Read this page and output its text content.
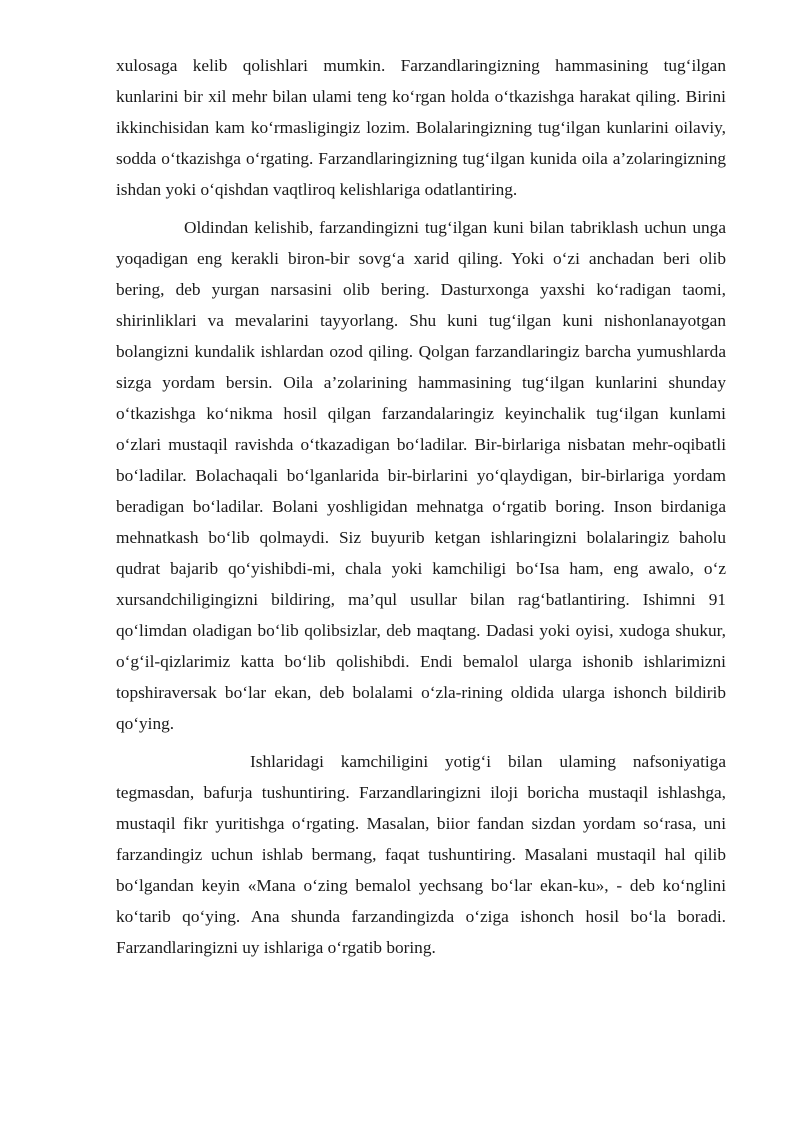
xulosaga kelib qolishlari mumkin. Farzandlaringizning hammasining tug‘ilgan kunlarini bir xil mehr bilan ulami teng ko‘rgan holda o‘tkazishga harakat qiling. Birini ikkinchisidan kam ko‘rmasligingiz lozim. Bolalaringizning tug‘ilgan kunlarini oilaviy, sodda o‘tkazishga o‘rgating. Farzandlaringizning tug‘ilgan kunida oila a’zolaringizning ishdan yoki o‘qishdan vaqtliroq kelishlariga odatlantiring.

Oldindan kelishib, farzandingizni tug‘ilgan kuni bilan tabriklash uchun unga yoqadigan eng kerakli biron-bir sovg‘a xarid qiling. Yoki o‘zi anchadan beri olib bering, deb yurgan narsasini olib bering. Dasturxonga yaxshi ko‘radigan taomi, shirinliklari va mevalarini tayyorlang. Shu kuni tug‘ilgan kuni nishonlanayotgan bolangizni kundalik ishlardan ozod qiling. Qolgan farzandlaringiz barcha yumushlarda sizga yordam bersin. Oila a’zolarining hammasining tug‘ilgan kunlarini shunday o‘tkazishga ko‘nikma hosil qilgan farzandalaringiz keyinchalik tug‘ilgan kunlami o‘zlari mustaqil ravishda o‘tkazadigan bo‘ladilar. Bir-birlariga nisbatan mehr-oqibatli bo‘ladilar. Bolachaqali bo‘lganlarida bir-birlarini yo‘qlaydigan, bir-birlariga yordam beradigan bo‘ladilar. Bolani yoshligidan mehnatga o‘rgatib boring. Inson birdaniga mehnatkash bo‘lib qolmaydi. Siz buyurib ketgan ishlaringizni bolalaringiz baholu qudrat bajarib qo‘yishibdi-mi, chala yoki kamchiligi bo‘Isa ham, eng awalo, o‘z xursandchiligingizni bildiring, ma’qul usullar bilan rag‘batlantiring. Ishimni 91 qo‘limdan oladigan bo‘lib qolibsizlar, deb maqtang. Dadasi yoki oyisi, xudoga shukur, o‘g‘il-qizlarimiz katta bo‘lib qolishibdi. Endi bemalol ularga ishonib ishlarimizni topshiraversak bo‘lar ekan, deb bolalami o‘zla-rining oldida ularga ishonch bildirib qo‘ying.

Ishlaridagi kamchiligini yotig‘i bilan ulaming nafsoniyatiga tegmasdan, bafurja tushuntiring. Farzandlaringizni iloji boricha mustaqil ishlashga, mustaqil fikr yuritishga o‘rgating. Masalan, biior fandan sizdan yordam so‘rasa, uni farzandingiz uchun ishlab bermang, faqat tushuntiring. Masalani mustaqil hal qilib bo‘lgandan keyin «Mana o‘zing bemalol yechsang bo‘lar ekan-ku», - deb ko‘nglini ko‘tarib qo‘ying. Ana shunda farzandingizda o‘ziga ishonch hosil bo‘la boradi. Farzandlaringizni uy ishlariga o‘rgatib boring.
